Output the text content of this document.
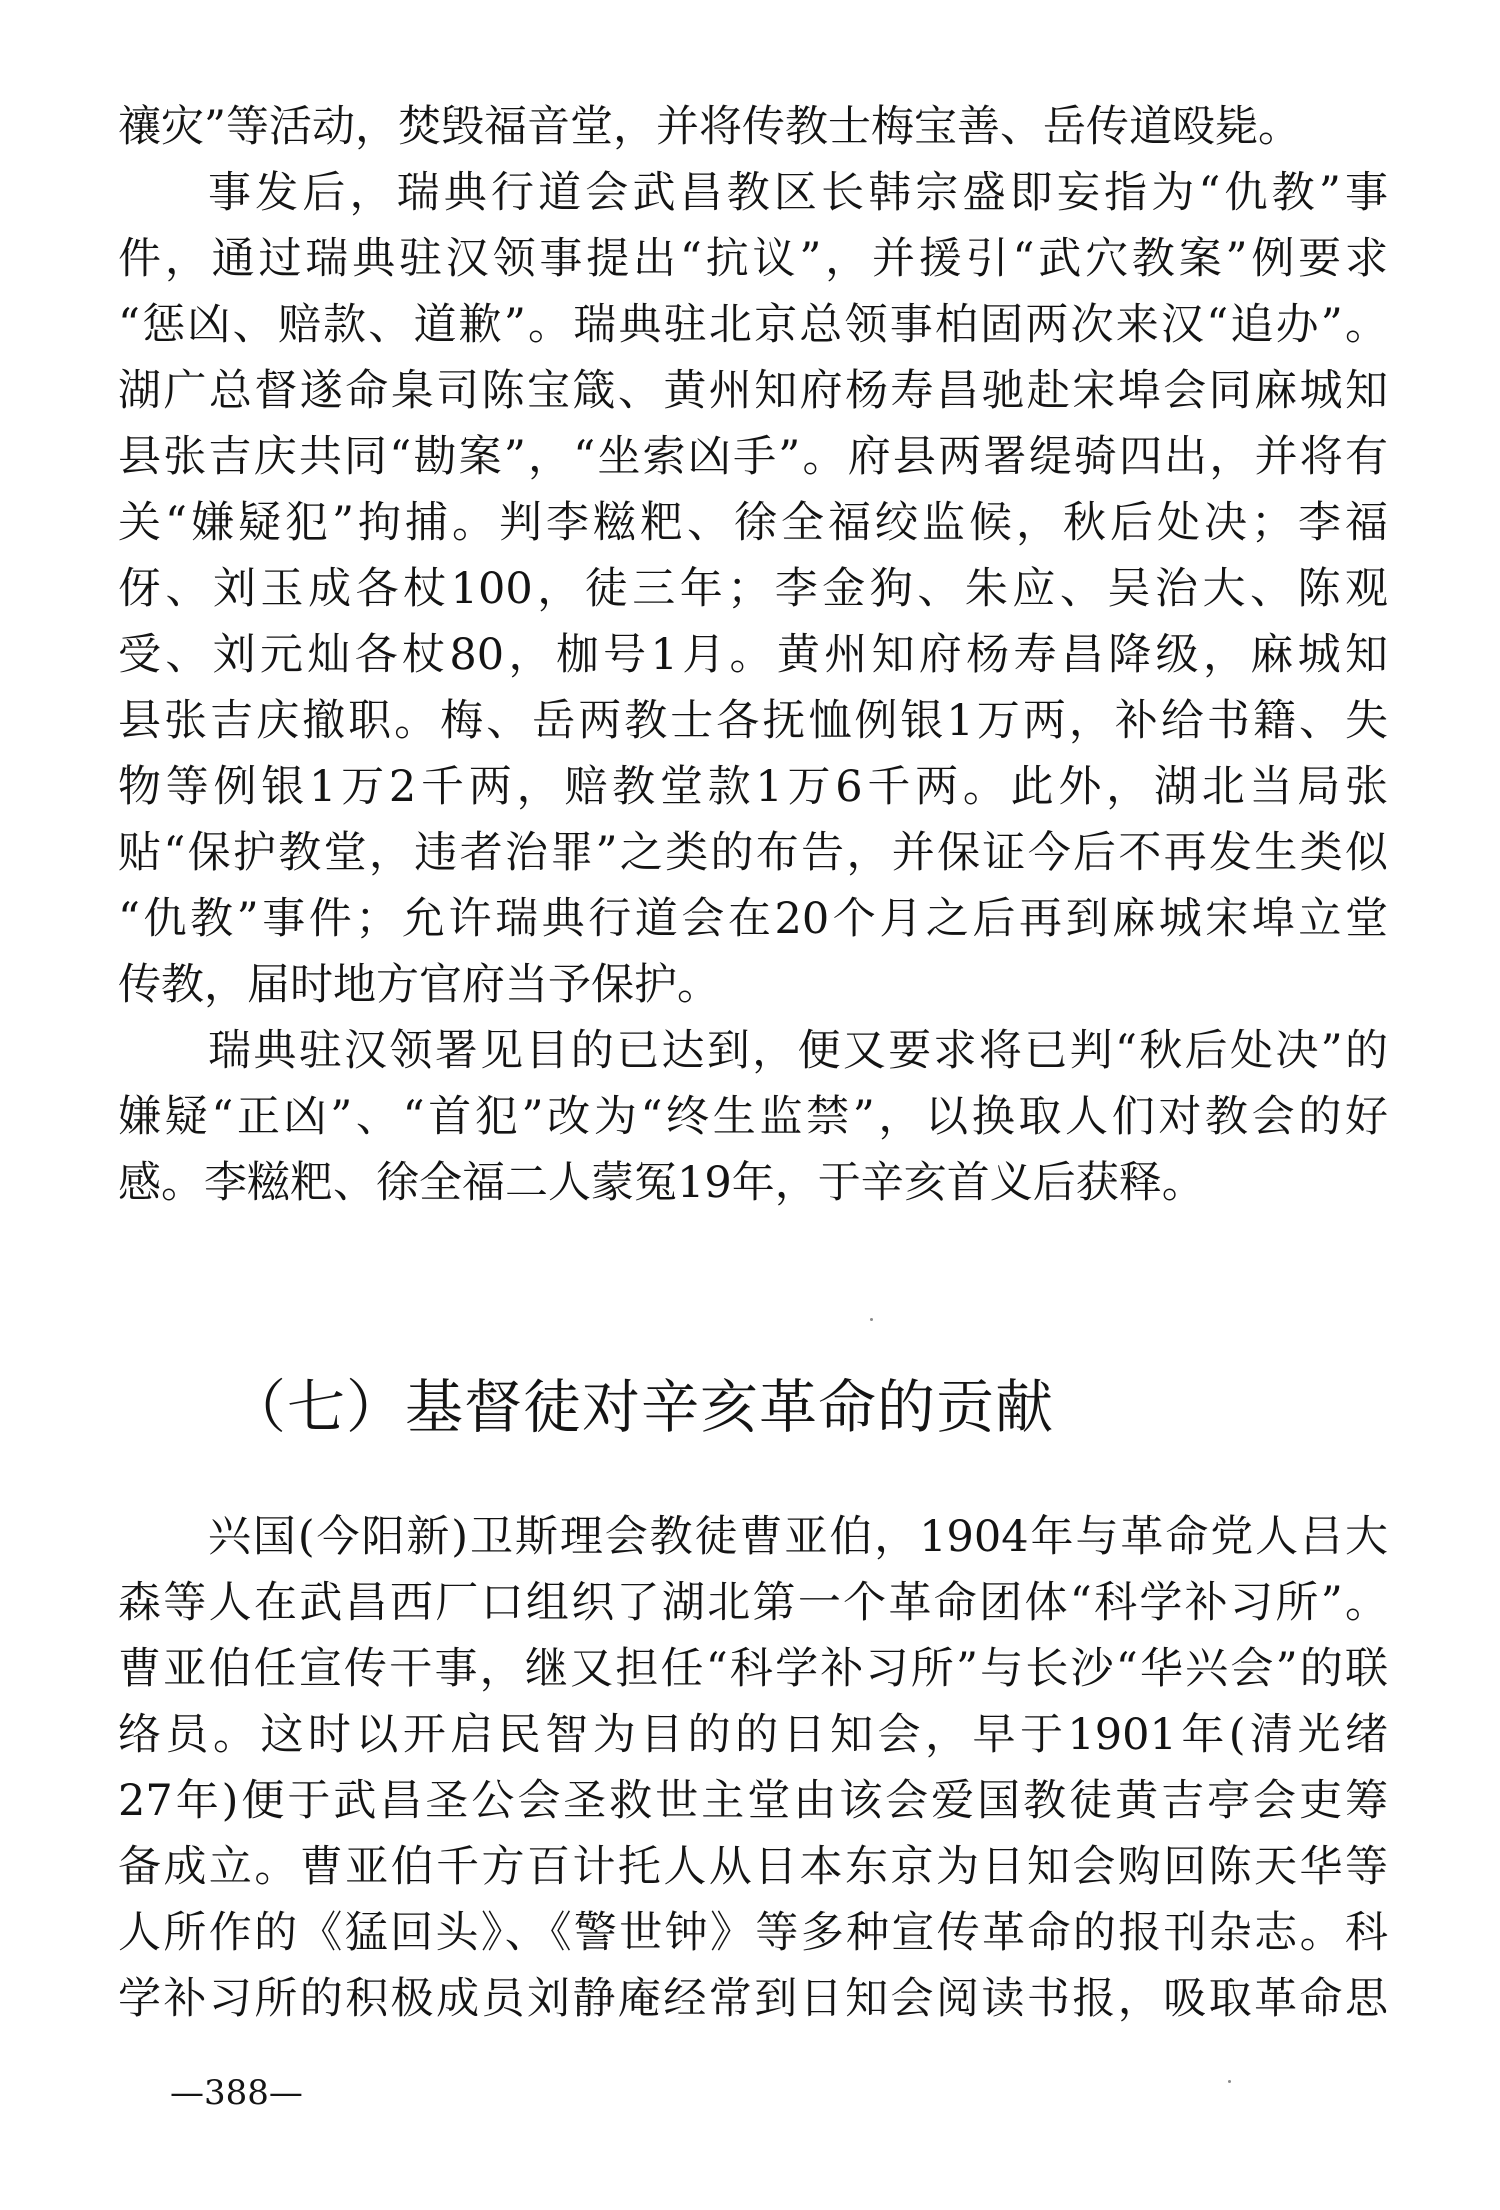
禳灾”等活动，焚毁福音堂，并将传教士梅宝善、岳传道殴毙。
事发后，瑞典行道会武昌教区长韩宗盛即妄指为“仇教”事
件，通过瑞典驻汉领事提出“抗议”，并援引“武穴教案”例要求
“惩凶、赔款、道歉”。瑞典驻北京总领事柏固两次来汉“追办”。
湖广总督遂命臬司陈宝箴、黄州知府杨寿昌驰赴宋埠会同麻城知
县张吉庆共同“勘案”，“坐索凶手”。府县两署缇骑四出，并将有
关“嫌疑犯”拘捕。判李糍粑、徐全福绞监候，秋后处决；李福
伢、刘玉成各杖100，徒三年；李金狗、朱应、吴治大、陈观
受、刘元灿各杖80，枷号1月。黄州知府杨寿昌降级，麻城知
县张吉庆撤职。梅、岳两教士各抚恤例银1万两，补给书籍、失
物等例银1万2千两，赔教堂款1万6千两。此外，湖北当局张
贴“保护教堂，违者治罪”之类的布告，并保证今后不再发生类似
“仇教”事件；允许瑞典行道会在20个月之后再到麻城宋埠立堂
传教，届时地方官府当予保护。
瑞典驻汉领署见目的已达到，便又要求将已判“秋后处决”的
嫌疑“正凶”、“首犯”改为“终生监禁”，以换取人们对教会的好
感。李糍粑、徐全福二人蒙冤19年，于辛亥首义后获释。
（七）基督徒对辛亥革命的贡献
兴国(今阳新)卫斯理会教徒曹亚伯，1904年与革命党人吕大
森等人在武昌西厂口组织了湖北第一个革命团体“科学补习所”。
曹亚伯任宣传干事，继又担任“科学补习所”与长沙“华兴会”的联
络员。这时以开启民智为目的的日知会，早于1901年(清光绪
27年)便于武昌圣公会圣救世主堂由该会爱国教徒黄吉亭会吏筹
备成立。曹亚伯千方百计托人从日本东京为日知会购回陈天华等
人所作的《猛回头》、《警世钟》等多种宣传革命的报刊杂志。科
学补习所的积极成员刘静庵经常到日知会阅读书报，吸取革命思
—388—
